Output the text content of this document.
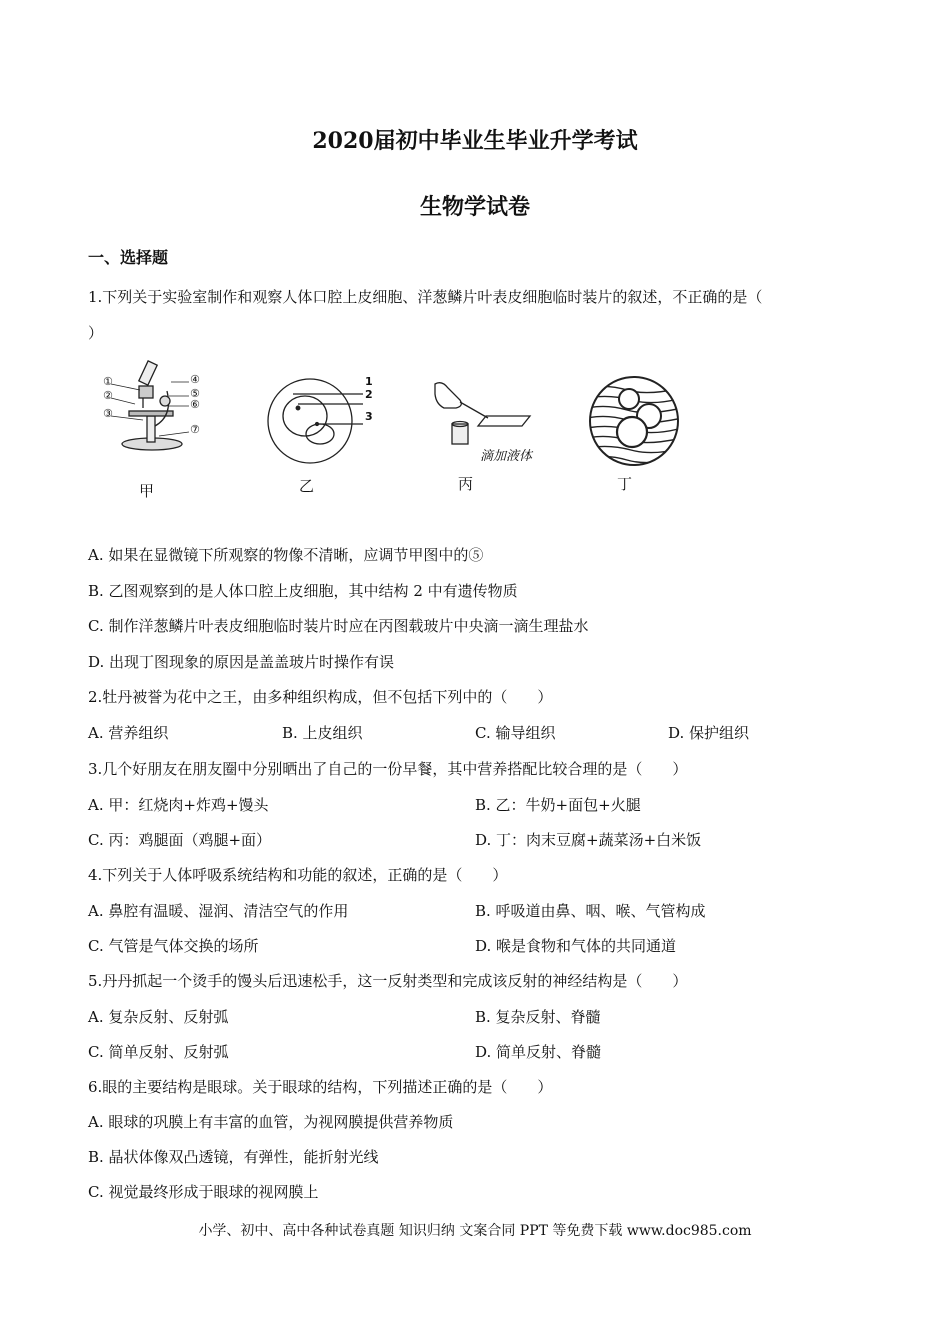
2020届初中毕业生毕业升学考试
生物学试卷
一、选择题
1.下列关于实验室制作和观察人体口腔上皮细胞、洋葱鳞片叶表皮细胞临时装片的叙述，不正确的是（
）
①
②
③
④
⑤
⑥
⑦
甲
1
2
3
乙
滴加液体
丙	丁
A. 如果在显微镜下所观察的物像不清晰，应调节甲图中的⑤
B. 乙图观察到的是人体口腔上皮细胞，其中结构 2 中有遗传物质
C. 制作洋葱鳞片叶表皮细胞临时装片时应在丙图载玻片中央滴一滴生理盐水
D. 出现丁图现象的原因是盖盖玻片时操作有误
2.牡丹被誉为花中之王，由多种组织构成，但不包括下列中的（　　）
A. 营养组织	B. 上皮组织	C. 输导组织	D. 保护组织
3.几个好朋友在朋友圈中分别晒出了自己的一份早餐，其中营养搭配比较合理的是（　　）
A. 甲：红烧肉+炸鸡+馒头	B. 乙：牛奶+面包+火腿
C. 丙：鸡腿面（鸡腿+面）	D. 丁：肉末豆腐+蔬菜汤+白米饭
4.下列关于人体呼吸系统结构和功能的叙述，正确的是（　　）
A. 鼻腔有温暖、湿润、清洁空气的作用	B. 呼吸道由鼻、咽、喉、气管构成
C. 气管是气体交换的场所	D. 喉是食物和气体的共同通道
5.丹丹抓起一个烫手的馒头后迅速松手，这一反射类型和完成该反射的神经结构是（　　）
A. 复杂反射、反射弧	B. 复杂反射、脊髓
C. 简单反射、反射弧	D. 简单反射、脊髓
6.眼的主要结构是眼球。关于眼球的结构，下列描述正确的是（　　）
A. 眼球的巩膜上有丰富的血管，为视网膜提供营养物质
B. 晶状体像双凸透镜，有弹性，能折射光线
C. 视觉最终形成于眼球的视网膜上
小学、初中、高中各种试卷真题 知识归纳 文案合同 PPT 等免费下载 www.doc985.com
